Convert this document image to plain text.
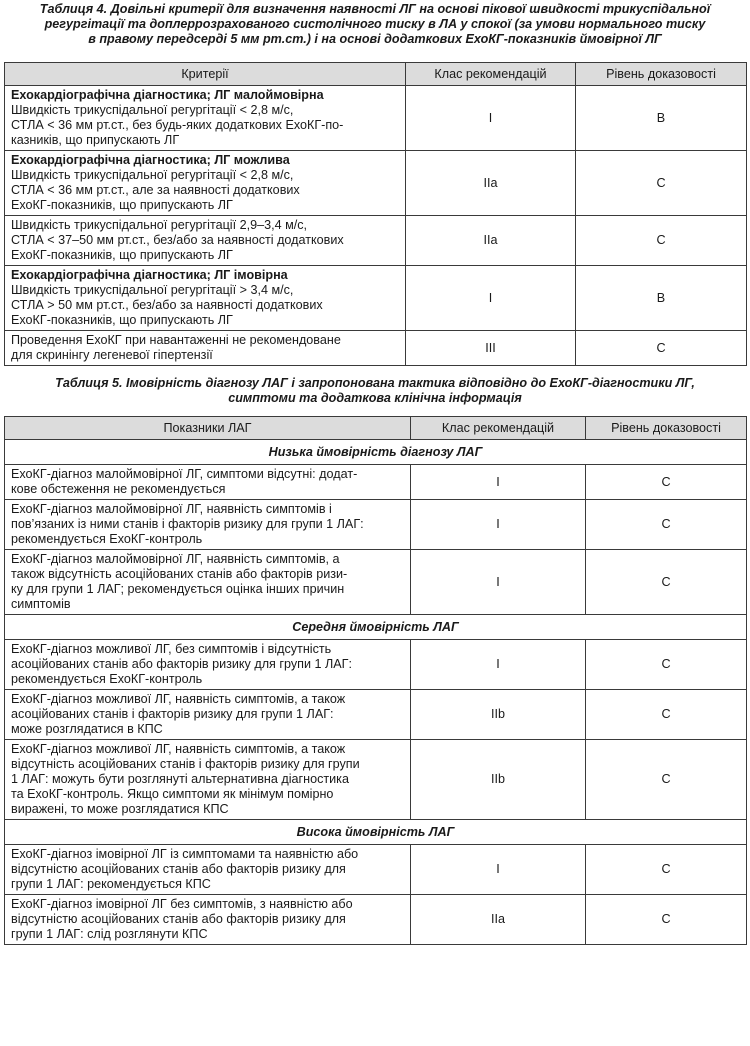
Таблиця 4. Довільні критерії для визначення наявності ЛГ на основі пікової швидкості трикуспідальної
регургітації та доплеррозрахованого систолічного тиску в ЛА у спокої (за умови нормального тиску
в правому передсерді 5 мм рт.ст.) і на основі додаткових ЕхоКГ-показників ймовірної ЛГ
Критерії	Клас рекомендацій	Рівень доказовості

Ехокардіографічна діагностика; ЛГ малоймовірна
Швидкість трикуспідальної регургітації < 2,8 м/с,
СТЛА < 36 мм рт.ст., без будь-яких додаткових ЕхоКГ-по-
казників, що припускають ЛГ	I	B

Ехокардіографічна діагностика; ЛГ можлива
Швидкість трикуспідальної регургітації < 2,8 м/с,
СТЛА < 36 мм рт.ст., але за наявності додаткових
ЕхоКГ-показників, що припускають ЛГ	IIa	C

Швидкість трикуспідальної регургітації 2,9–3,4 м/с,
СТЛА < 37–50 мм рт.ст., без/або за наявності додаткових
ЕхоКГ-показників, що припускають ЛГ	IIa	C

Ехокардіографічна діагностика; ЛГ імовірна
Швидкість трикуспідальної регургітації > 3,4 м/с,
СТЛА > 50 мм рт.ст., без/або за наявності додаткових
ЕхоКГ-показників, що припускають ЛГ	I	B

Проведення ЕхоКГ при навантаженні не рекомендоване
для скринінгу легеневої гіпертензії	III	C
Таблиця 5. Імовірність діагнозу ЛАГ і запропонована тактика відповідно до ЕхоКГ-діагностики ЛГ,
симптоми та додаткова клінічна інформація
Показники ЛАГ	Клас рекомендацій	Рівень доказовості
Низька ймовірність діагнозу ЛАГ		

ЕхоКГ-діагноз малоймовірної ЛГ, симптоми відсутні: додат-
кове обстеження не рекомендується	I	C

ЕхоКГ-діагноз малоймовірної ЛГ, наявність симптомів і
пов’язаних із ними станів і факторів ризику для групи 1 ЛАГ:
рекомендується ЕхоКГ-контроль	I	C

ЕхоКГ-діагноз малоймовірної ЛГ, наявність симптомів, а
також відсутність асоційованих станів або факторів ризи-
ку для групи 1 ЛАГ; рекомендується оцінка інших причин
симптомів	I	C
Середня ймовірність ЛАГ		

ЕхоКГ-діагноз можливої ЛГ, без симптомів і відсутність
асоційованих станів або факторів ризику для групи 1 ЛАГ:
рекомендується ЕхоКГ-контроль	I	C

ЕхоКГ-діагноз можливої ЛГ, наявність симптомів, а також
асоційованих станів і факторів ризику для групи 1 ЛАГ:
може розглядатися в КПС	IIb	C

ЕхоКГ-діагноз можливої ЛГ, наявність симптомів, а також
відсутність асоційованих станів і факторів ризику для групи
1 ЛАГ: можуть бути розглянуті альтернативна діагностика
та ЕхоКГ-контроль. Якщо симптоми як мінімум помірно
виражені, то може розглядатися КПС	IIb	C
Висока ймовірність ЛАГ		

ЕхоКГ-діагноз імовірної ЛГ із симптомами та наявністю або
відсутністю асоційованих станів або факторів ризику для
групи 1 ЛАГ: рекомендується КПС	I	C

ЕхоКГ-діагноз імовірної ЛГ без симптомів, з наявністю або
відсутністю асоційованих станів або факторів ризику для
групи 1 ЛАГ: слід розглянути КПС	IIa	C
